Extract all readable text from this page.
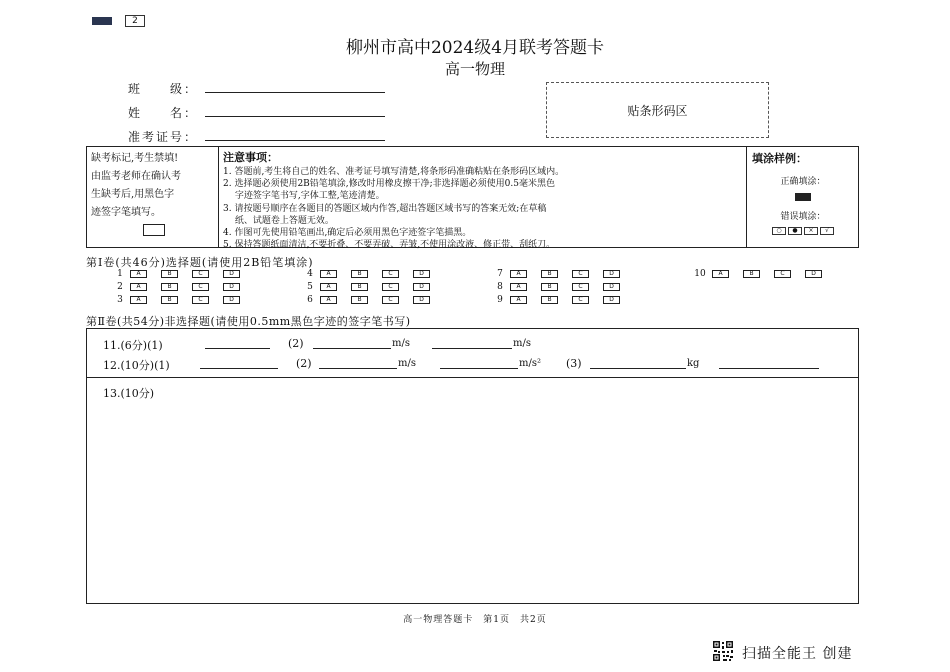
2
柳州市高中2024级4月联考答题卡
高一物理
班　　级：
姓　　名：
准考证号：
贴条形码区
缺考标记,考生禁填!
由监考老师在确认考
生缺考后,用黑色字
迹签字笔填写。
注意事项：
1. 答题前,考生将自己的姓名、准考证号填写清楚,将条形码准确粘贴在条形码区域内。
2. 选择题必须使用2B铅笔填涂,修改时用橡皮擦干净;非选择题必须使用0.5毫米黑色
　 字迹签字笔书写,字体工整,笔迹清楚。
3. 请按题号顺序在各题目的答题区域内作答,超出答题区域书写的答案无效;在草稿
　 纸、试题卷上答题无效。
4. 作图可先使用铅笔画出,确定后必须用黑色字迹签字笔描黑。
5. 保持答题纸面清洁,不要折叠、不要弄破、弄皱,不使用涂改液、修正带、刮纸刀。
填涂样例：
正确填涂：
错误填涂：
○	●	×	√
第Ⅰ卷(共46分)选择题(请使用2B铅笔填涂)
1	A	B	C	D
2	A	B	C	D
3	A	B	C	D
4	A	B	C	D
5	A	B	C	D
6	A	B	C	D
7	A	B	C	D
8	A	B	C	D
9	A	B	C	D
10	A	B	C	D
第Ⅱ卷(共54分)非选择题(请使用0.5mm黑色字迹的签字笔书写)
11.(6分)(1)	(2)	m/s	m/s
12.(10分)(1)	(2)	m/s	m/s² (3)	kg
13.(10分)
高一物理答题卡　第1页　共2页
扫描全能王 创建
